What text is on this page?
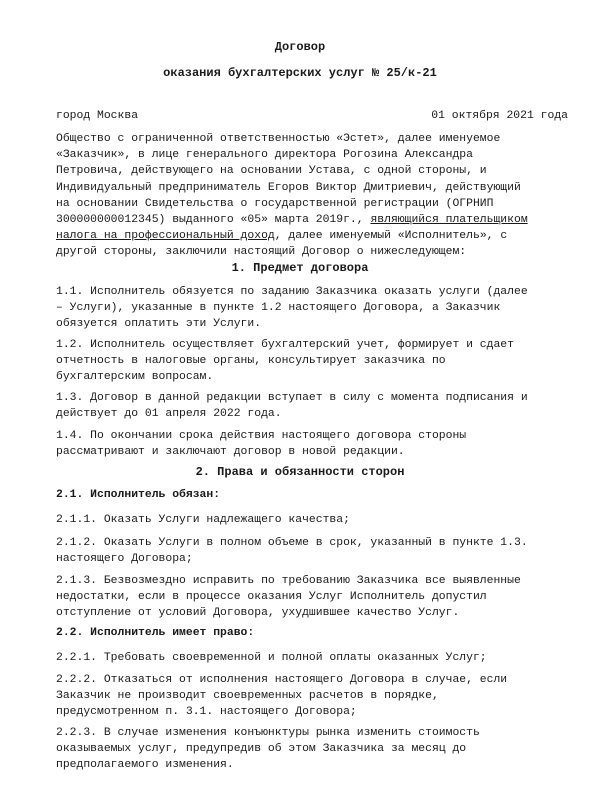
Договор
оказания бухгалтерских услуг № 25/к-21
город Москва	01 октября 2021 года
Общество с ограниченной ответственностью «Эстет», далее именуемое
«Заказчик», в лице генерального директора Рогозина Александра
Петровича, действующего на основании Устава, с одной стороны, и
Индивидуальный предприниматель Егоров Виктор Дмитриевич, действующий
на основании Свидетельства о государственной регистрации (ОГРНИП
300000000012345) выданного «05» марта 2019г., являющийся плательщиком
налога на профессиональный доход, далее именуемый «Исполнитель», с
другой стороны, заключили настоящий Договор о нижеследующем:
1. Предмет договора
1.1. Исполнитель обязуется по заданию Заказчика оказать услуги (далее
– Услуги), указанные в пункте 1.2 настоящего Договора, а Заказчик
обязуется оплатить эти Услуги.
1.2. Исполнитель осуществляет бухгалтерский учет, формирует и сдает
отчетность в налоговые органы, консультирует заказчика по
бухгалтерским вопросам.
1.3. Договор в данной редакции вступает в силу с момента подписания и
действует до 01 апреля 2022 года.
1.4. По окончании срока действия настоящего договора стороны
рассматривают и заключают договор в новой редакции.
2. Права и обязанности сторон
2.1. Исполнитель обязан:
2.1.1. Оказать Услуги надлежащего качества;
2.1.2. Оказать Услуги в полном объеме в срок, указанный в пункте 1.3.
настоящего Договора;
2.1.3. Безвозмездно исправить по требованию Заказчика все выявленные
недостатки, если в процессе оказания Услуг Исполнитель допустил
отступление от условий Договора, ухудшившее качество Услуг.
2.2. Исполнитель имеет право:
2.2.1. Требовать своевременной и полной оплаты оказанных Услуг;
2.2.2. Отказаться от исполнения настоящего Договора в случае, если
Заказчик не производит своевременных расчетов в порядке,
предусмотренном п. 3.1. настоящего Договора;
2.2.3. В случае изменения конъюнктуры рынка изменить стоимость
оказываемых услуг, предупредив об этом Заказчика за месяц до
предполагаемого изменения.
